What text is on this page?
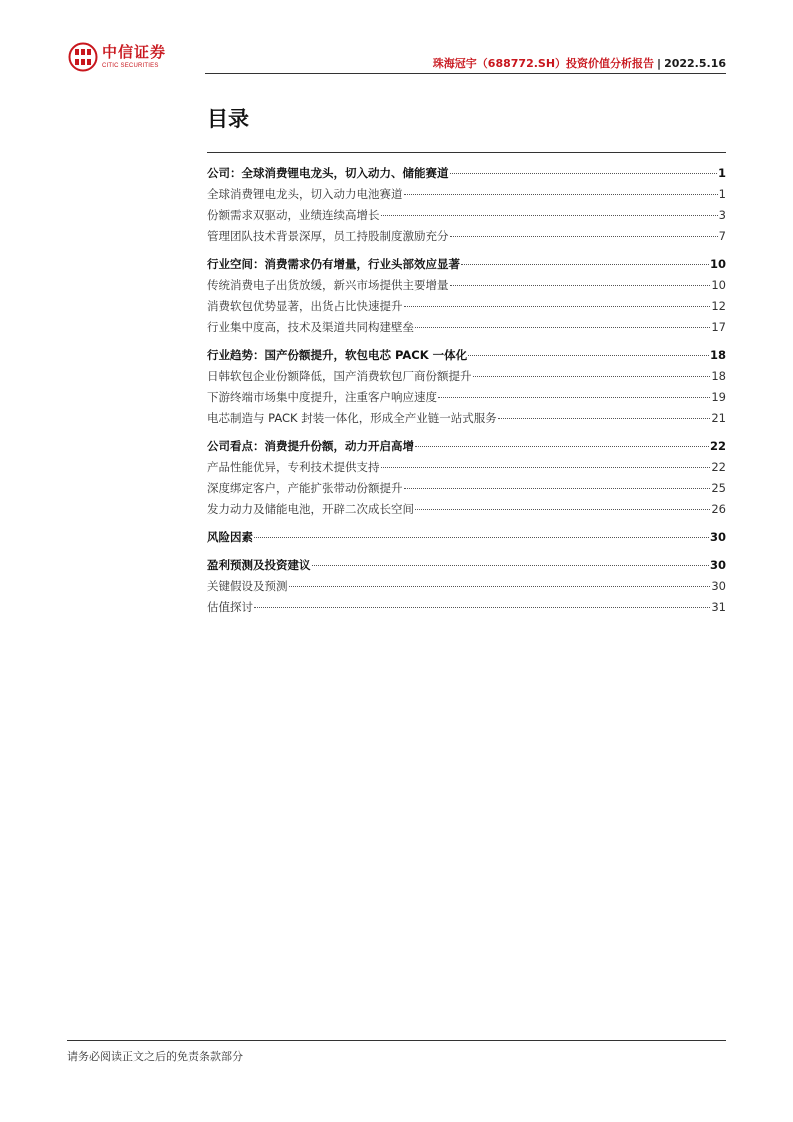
中信证券
CITIC SECURITIES	珠海冠宇（688772.SH）投资价值分析报告 | 2022.5.16
目录
公司：全球消费锂电龙头，切入动力、储能赛道	1
全球消费锂电龙头，切入动力电池赛道	1
份额需求双驱动，业绩连续高增长	3
管理团队技术背景深厚，员工持股制度激励充分	7
行业空间：消费需求仍有增量，行业头部效应显著	10
传统消费电子出货放缓，新兴市场提供主要增量	10
消费软包优势显著，出货占比快速提升	12
行业集中度高，技术及渠道共同构建壁垒	17
行业趋势：国产份额提升，软包电芯 PACK 一体化	18
日韩软包企业份额降低，国产消费软包厂商份额提升	18
下游终端市场集中度提升，注重客户响应速度	19
电芯制造与 PACK 封装一体化，形成全产业链一站式服务	21
公司看点：消费提升份额，动力开启高增	22
产品性能优异，专利技术提供支持	22
深度绑定客户，产能扩张带动份额提升	25
发力动力及储能电池，开辟二次成长空间	26
风险因素	30
盈利预测及投资建议	30
关键假设及预测	30
估值探讨	31
请务必阅读正文之后的免责条款部分
